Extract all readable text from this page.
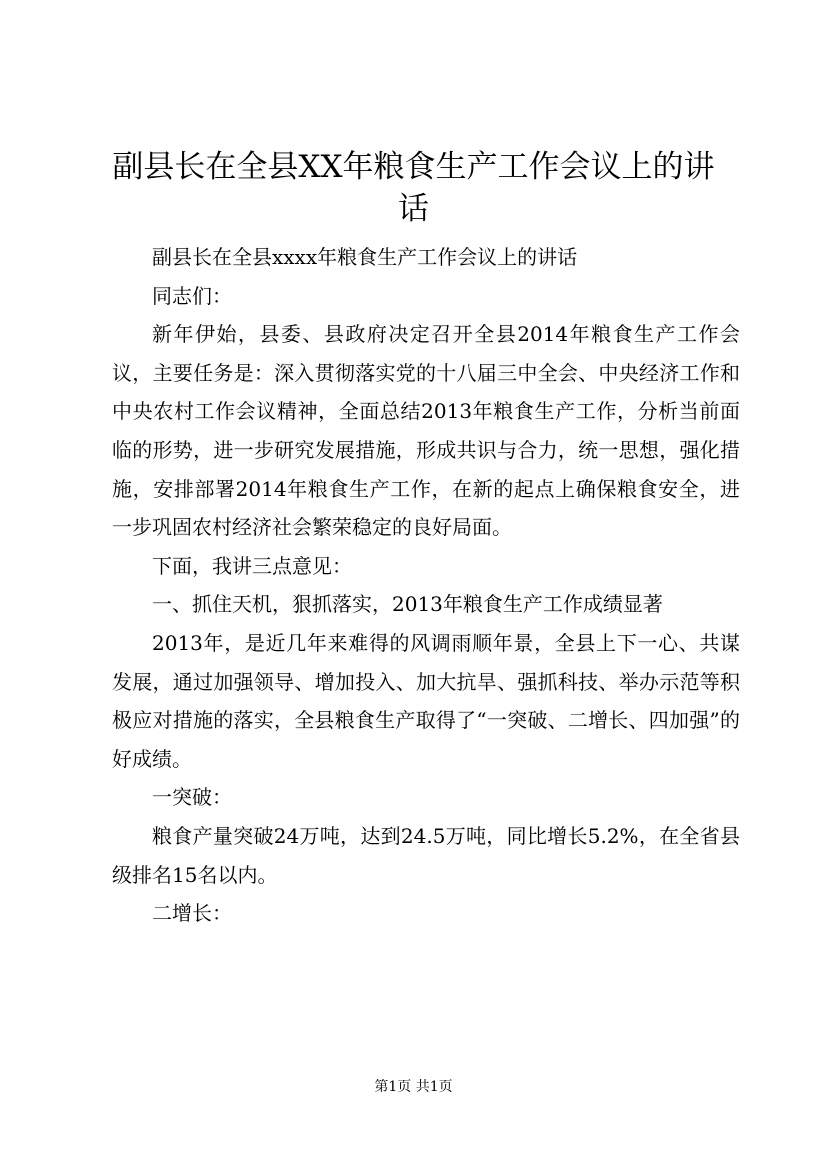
副县长在全县XX年粮食生产工作会议上的讲话

副县长在全县xxxx年粮食生产工作会议上的讲话

同志们：

新年伊始，县委、县政府决定召开全县2014年粮食生产工作会议，主要任务是：深入贯彻落实党的十八届三中全会、中央经济工作和中央农村工作会议精神，全面总结2013年粮食生产工作，分析当前面临的形势，进一步研究发展措施，形成共识与合力，统一思想，强化措施，安排部署2014年粮食生产工作，在新的起点上确保粮食安全，进一步巩固农村经济社会繁荣稳定的良好局面。

下面，我讲三点意见：

一、抓住天机，狠抓落实，2013年粮食生产工作成绩显著

2013年，是近几年来难得的风调雨顺年景，全县上下一心、共谋发展，通过加强领导、增加投入、加大抗旱、强抓科技、举办示范等积极应对措施的落实，全县粮食生产取得了“一突破、二增长、四加强”的好成绩。

一突破：

粮食产量突破24万吨，达到24.5万吨，同比增长5.2%，在全省县级排名15名以内。

二增长：

第1页 共1页
